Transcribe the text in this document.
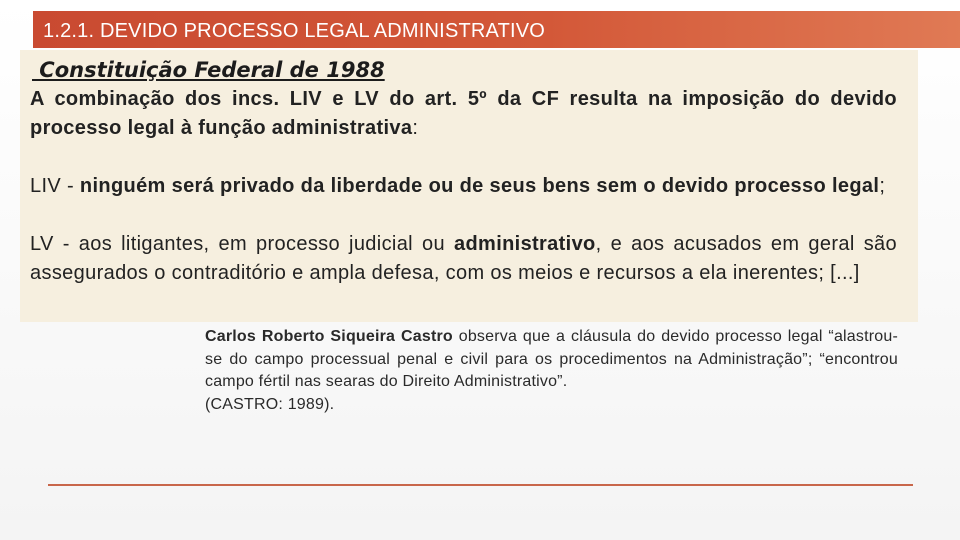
1.2.1. DEVIDO PROCESSO LEGAL ADMINISTRATIVO
Constituição Federal de 1988
A combinação dos incs. LIV e LV do art. 5º da CF resulta na imposição do devido processo legal à função administrativa:
LIV - ninguém será privado da liberdade ou de seus bens sem o devido processo legal;
LV - aos litigantes, em processo judicial ou administrativo, e aos acusados em geral são assegurados o contraditório e ampla defesa, com os meios e recursos a ela inerentes; [...]
Carlos Roberto Siqueira Castro observa que a cláusula do devido processo legal “alastrou-se do campo processual penal e civil para os procedimentos na Administração”; “encontrou campo fértil nas searas do Direito Administrativo”.
(CASTRO: 1989).
